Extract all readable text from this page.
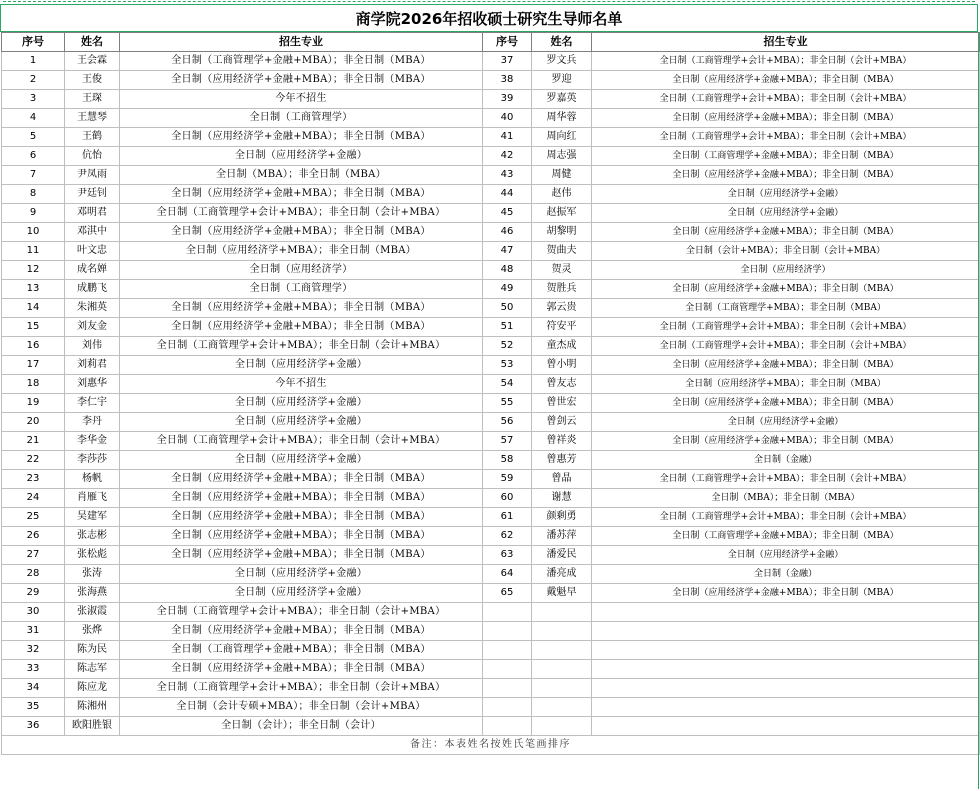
商学院2026年招收硕士研究生导师名单
序号	姓名	招生专业	序号	姓名	招生专业
1	王会霖	全日制（工商管理学+金融+MBA）；非全日制（MBA）	37	罗文兵	全日制（工商管理学+会计+MBA）；非全日制（会计+MBA）
2	王俊	全日制（应用经济学+金融+MBA）；非全日制（MBA）	38	罗迎	全日制（应用经济学+金融+MBA）；非全日制（MBA）
3	王琛	今年不招生	39	罗嘉英	全日制（工商管理学+会计+MBA）；非全日制（会计+MBA）
4	王慧琴	全日制（工商管理学）	40	周华蓉	全日制（应用经济学+金融+MBA）；非全日制（MBA）
5	王鹤	全日制（应用经济学+金融+MBA）；非全日制（MBA）	41	周向红	全日制（工商管理学+会计+MBA）；非全日制（会计+MBA）
6	伉怡	全日制（应用经济学+金融）	42	周志强	全日制（工商管理学+金融+MBA）；非全日制（MBA）
7	尹凤雨	全日制（MBA）；非全日制（MBA）	43	周健	全日制（应用经济学+金融+MBA）；非全日制（MBA）
8	尹廷钊	全日制（应用经济学+金融+MBA）；非全日制（MBA）	44	赵伟	全日制（应用经济学+金融）
9	邓明君	全日制（工商管理学+会计+MBA）；非全日制（会计+MBA）	45	赵振军	全日制（应用经济学+金融）
10	邓淇中	全日制（应用经济学+金融+MBA）；非全日制（MBA）	46	胡黎明	全日制（应用经济学+金融+MBA）；非全日制（MBA）
11	叶文忠	全日制（应用经济学+MBA）；非全日制（MBA）	47	贺曲夫	全日制（会计+MBA）；非全日制（会计+MBA）
12	成名婵	全日制（应用经济学）	48	贺灵	全日制（应用经济学）
13	成鹏飞	全日制（工商管理学）	49	贺胜兵	全日制（应用经济学+金融+MBA）；非全日制（MBA）
14	朱湘英	全日制（应用经济学+金融+MBA）；非全日制（MBA）	50	郭云贵	全日制（工商管理学+MBA）；非全日制（MBA）
15	刘友金	全日制（应用经济学+金融+MBA）；非全日制（MBA）	51	符安平	全日制（工商管理学+会计+MBA）；非全日制（会计+MBA）
16	刘伟	全日制（工商管理学+会计+MBA）；非全日制（会计+MBA）	52	童杰成	全日制（工商管理学+会计+MBA）；非全日制（会计+MBA）
17	刘莉君	全日制（应用经济学+金融）	53	曾小明	全日制（应用经济学+金融+MBA）；非全日制（MBA）
18	刘惠华	今年不招生	54	曾友志	全日制（应用经济学+MBA）；非全日制（MBA）
19	李仁宇	全日制（应用经济学+金融）	55	曾世宏	全日制（应用经济学+金融+MBA）；非全日制（MBA）
20	李丹	全日制（应用经济学+金融）	56	曾剑云	全日制（应用经济学+金融）
21	李华金	全日制（工商管理学+会计+MBA）；非全日制（会计+MBA）	57	曾祥炎	全日制（应用经济学+金融+MBA）；非全日制（MBA）
22	李莎莎	全日制（应用经济学+金融）	58	曾惠芳	全日制（金融）
23	杨帆	全日制（应用经济学+金融+MBA）；非全日制（MBA）	59	曾晶	全日制（工商管理学+会计+MBA）；非全日制（会计+MBA）
24	肖雁飞	全日制（应用经济学+金融+MBA）；非全日制（MBA）	60	谢慧	全日制（MBA）；非全日制（MBA）
25	吴建军	全日制（应用经济学+金融+MBA）；非全日制（MBA）	61	颜剩勇	全日制（工商管理学+会计+MBA）；非全日制（会计+MBA）
26	张志彬	全日制（应用经济学+金融+MBA）；非全日制（MBA）	62	潘苏萍	全日制（工商管理学+金融+MBA）；非全日制（MBA）
27	张松彪	全日制（应用经济学+金融+MBA）；非全日制（MBA）	63	潘爱民	全日制（应用经济学+金融）
28	张涛	全日制（应用经济学+金融）	64	潘亮成	全日制（金融）
29	张海燕	全日制（应用经济学+金融）	65	戴魁早	全日制（应用经济学+金融+MBA）；非全日制（MBA）
30	张淑霞	全日制（工商管理学+会计+MBA）；非全日制（会计+MBA）			
31	张烨	全日制（应用经济学+金融+MBA）；非全日制（MBA）			
32	陈为民	全日制（工商管理学+金融+MBA）；非全日制（MBA）			
33	陈志军	全日制（应用经济学+金融+MBA）；非全日制（MBA）			
34	陈应龙	全日制（工商管理学+会计+MBA）；非全日制（会计+MBA）			
35	陈湘州	全日制（会计专硕+MBA）；非全日制（会计+MBA）			
36	欧阳胜银	全日制（会计）；非全日制（会计）			
备注：本表姓名按姓氏笔画排序					
